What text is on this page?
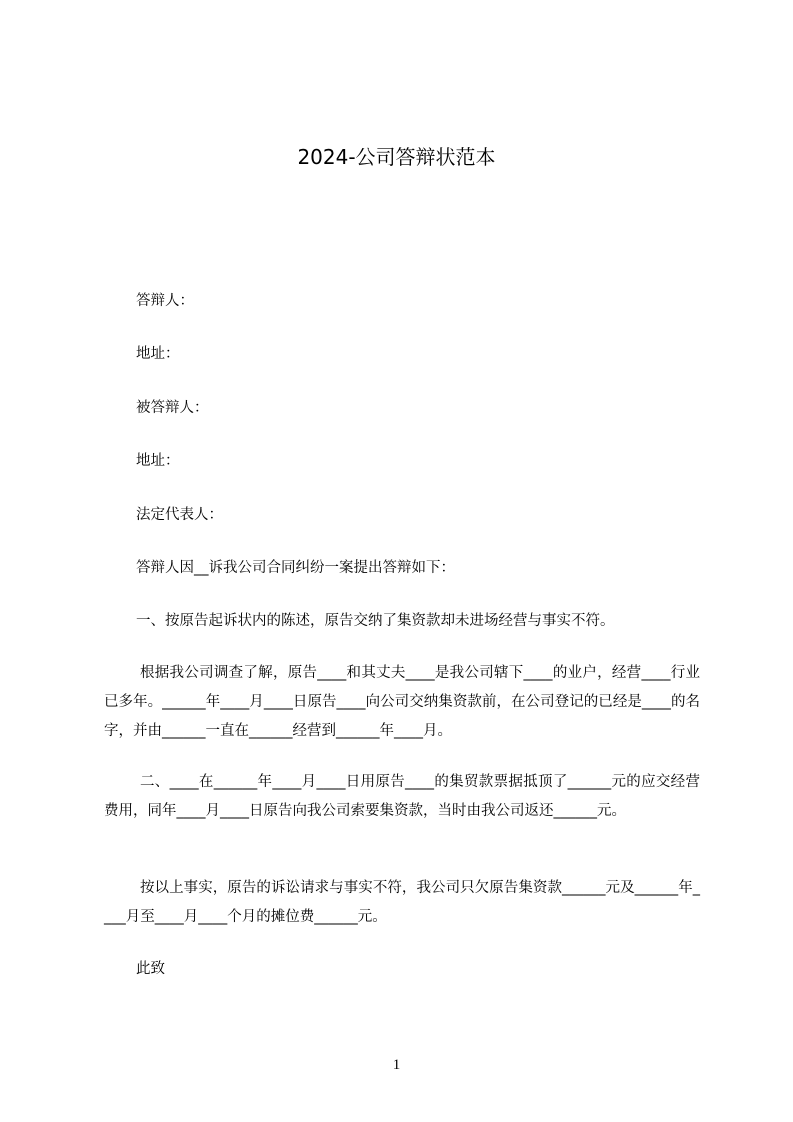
2024-公司答辩状范本
答辩人：
地址：
被答辩人：
地址：
法定代表人：
答辩人因__诉我公司合同纠纷一案提出答辩如下：
一、按原告起诉状内的陈述，原告交纳了集资款却未进场经营与事实不符。
根据我公司调查了解，原告____和其丈夫____是我公司辖下____的业户，经营____行业已多年。______年____月____日原告____向公司交纳集资款前，在公司登记的已经是____的名字，并由______一直在______经营到______年____月。
二、____在______年____月____日用原告____的集贸款票据抵顶了______元的应交经营费用，同年____月____日原告向我公司索要集资款，当时由我公司返还______元。
按以上事实，原告的诉讼请求与事实不符，我公司只欠原告集资款______元及______年____月至____月____个月的摊位费______元。
此致
1
